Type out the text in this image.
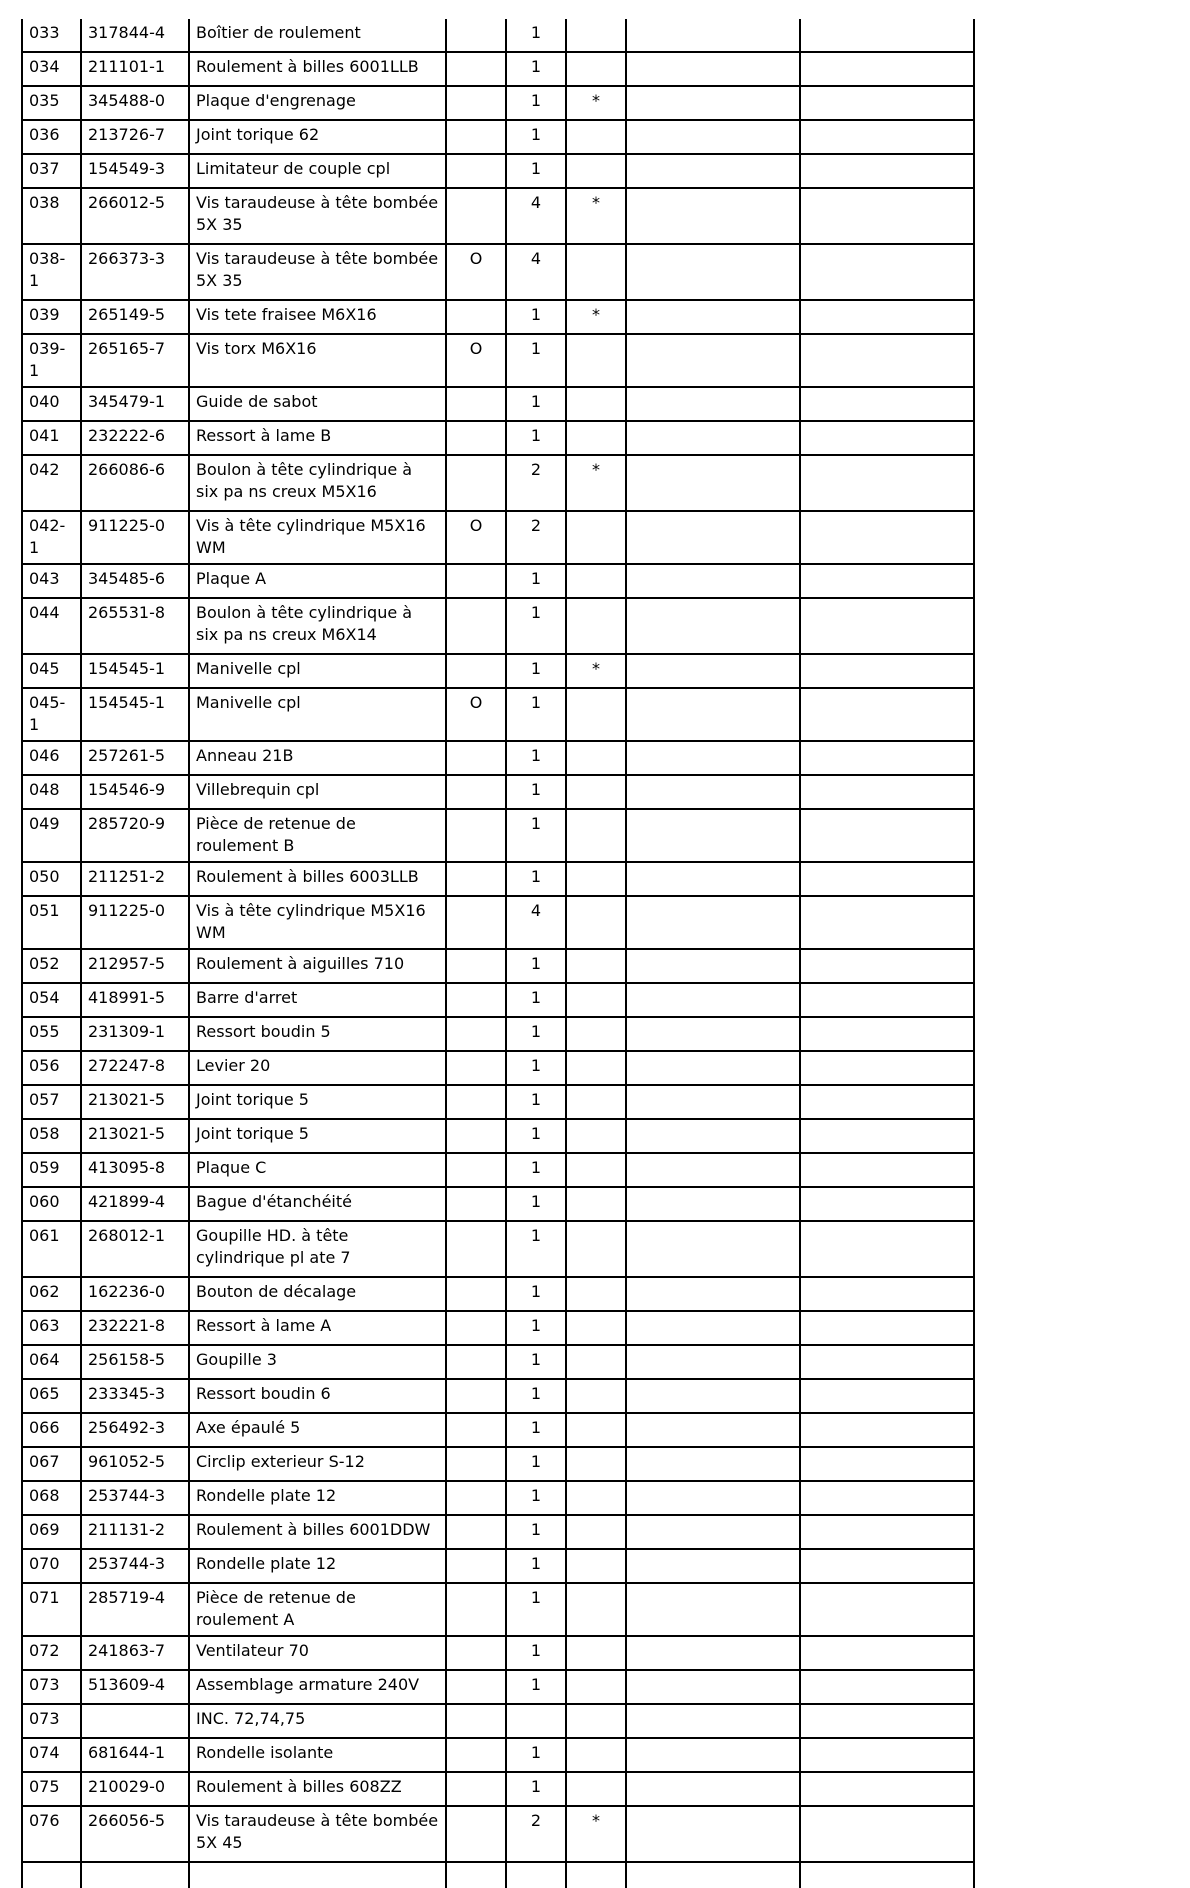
033	317844-4	Boîtier de roulement		1			
034	211101-1	Roulement à billes 6001LLB		1			
035	345488-0	Plaque d'engrenage		1	*		
036	213726-7	Joint torique 62		1			
037	154549-3	Limitateur de couple cpl		1			
038	266012-5	Vis taraudeuse à tête bombée 5X 35		4	*		
038-1	266373-3	Vis taraudeuse à tête bombée 5X 35	O	4			
039	265149-5	Vis tete fraisee M6X16		1	*		
039-1	265165-7	Vis torx M6X16	O	1			
040	345479-1	Guide de sabot		1			
041	232222-6	Ressort à lame B		1			
042	266086-6	Boulon à tête cylindrique à six pa ns creux M5X16		2	*		
042-1	911225-0	Vis à tête cylindrique M5X16 WM	O	2			
043	345485-6	Plaque A		1			
044	265531-8	Boulon à tête cylindrique à six pa ns creux M6X14		1			
045	154545-1	Manivelle cpl		1	*		
045-1	154545-1	Manivelle cpl	O	1			
046	257261-5	Anneau 21B		1			
048	154546-9	Villebrequin cpl		1			
049	285720-9	Pièce de retenue de roulement B		1			
050	211251-2	Roulement à billes 6003LLB		1			
051	911225-0	Vis à tête cylindrique M5X16 WM		4			
052	212957-5	Roulement à aiguilles 710		1			
054	418991-5	Barre d'arret		1			
055	231309-1	Ressort boudin 5		1			
056	272247-8	Levier 20		1			
057	213021-5	Joint torique 5		1			
058	213021-5	Joint torique 5		1			
059	413095-8	Plaque C		1			
060	421899-4	Bague d'étanchéité		1			
061	268012-1	Goupille HD. à tête cylindrique pl ate 7		1			
062	162236-0	Bouton de décalage		1			
063	232221-8	Ressort à lame A		1			
064	256158-5	Goupille 3		1			
065	233345-3	Ressort boudin 6		1			
066	256492-3	Axe épaulé 5		1			
067	961052-5	Circlip exterieur S-12		1			
068	253744-3	Rondelle plate 12		1			
069	211131-2	Roulement à billes 6001DDW		1			
070	253744-3	Rondelle plate 12		1			
071	285719-4	Pièce de retenue de roulement A		1			
072	241863-7	Ventilateur 70		1			
073	513609-4	Assemblage armature 240V		1			
073		INC. 72,74,75					
074	681644-1	Rondelle isolante		1			
075	210029-0	Roulement à billes 608ZZ		1			
076	266056-5	Vis taraudeuse à tête bombée 5X 45		2	*		
